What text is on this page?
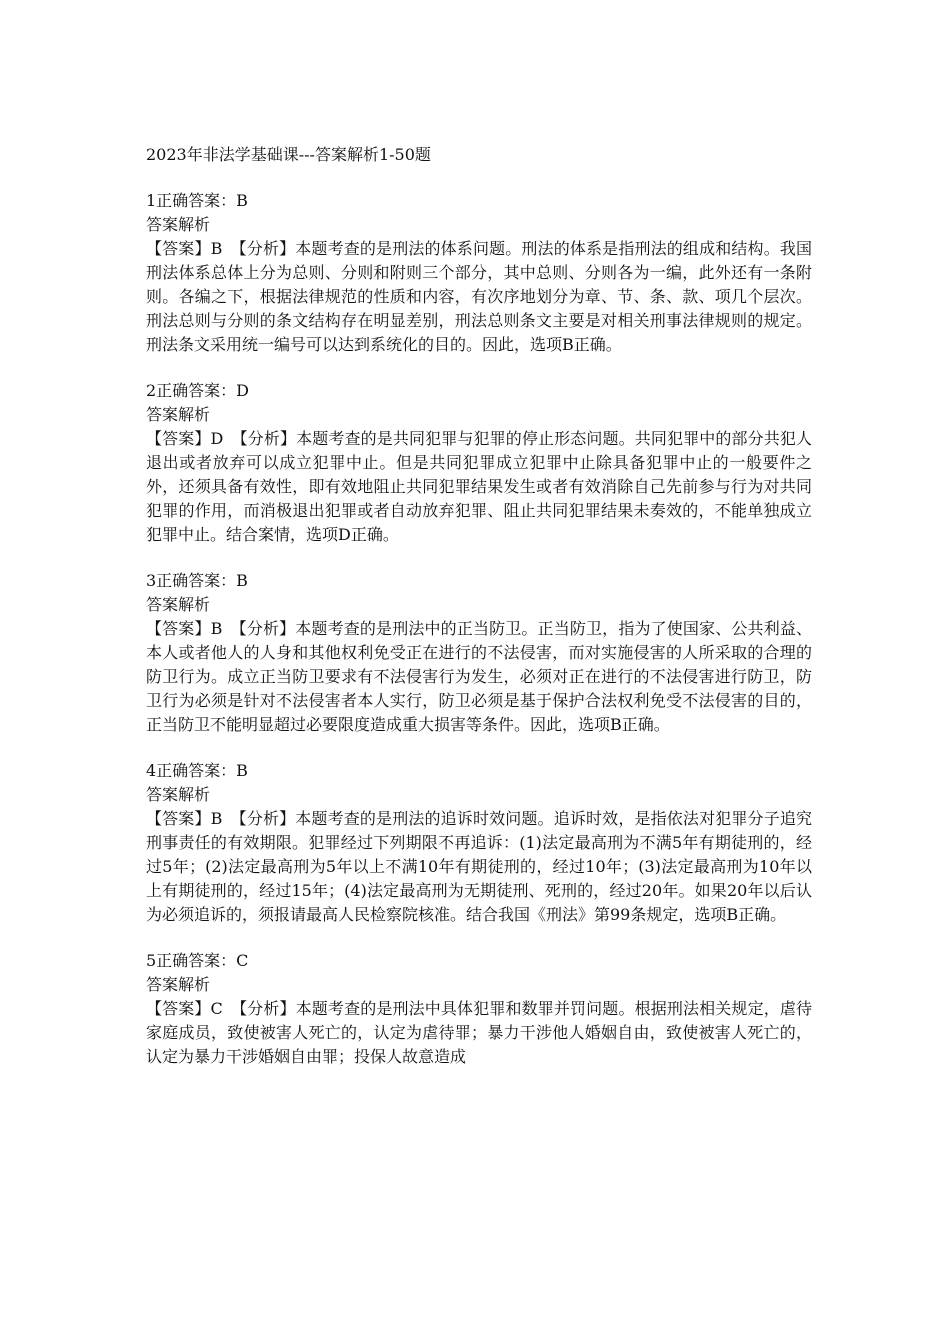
2023年非法学基础课---答案解析1-50题
1正确答案：B
答案解析
【答案】B　【分析】本题考查的是刑法的体系问题。刑法的体系是指刑法的组成和结构。我国刑法体系总体上分为总则、分则和附则三个部分，其中总则、分则各为一编，此外还有一条附则。各编之下，根据法律规范的性质和内容，有次序地划分为章、节、条、款、项几个层次。刑法总则与分则的条文结构存在明显差别，刑法总则条文主要是对相关刑事法律规则的规定。刑法条文采用统一编号可以达到系统化的目的。因此，选项B正确。
2正确答案：D
答案解析
【答案】D　【分析】本题考查的是共同犯罪与犯罪的停止形态问题。共同犯罪中的部分共犯人退出或者放弃可以成立犯罪中止。但是共同犯罪成立犯罪中止除具备犯罪中止的一般要件之外，还须具备有效性，即有效地阻止共同犯罪结果发生或者有效消除自己先前参与行为对共同犯罪的作用，而消极退出犯罪或者自动放弃犯罪、阻止共同犯罪结果未奏效的，不能单独成立犯罪中止。结合案情，选项D正确。
3正确答案：B
答案解析
【答案】B　【分析】本题考查的是刑法中的正当防卫。正当防卫，指为了使国家、公共利益、本人或者他人的人身和其他权利免受正在进行的不法侵害，而对实施侵害的人所采取的合理的防卫行为。成立正当防卫要求有不法侵害行为发生，必须对正在进行的不法侵害进行防卫，防卫行为必须是针对不法侵害者本人实行，防卫必须是基于保护合法权利免受不法侵害的目的，正当防卫不能明显超过必要限度造成重大损害等条件。因此，选项B正确。
4正确答案：B
答案解析
【答案】B　【分析】本题考查的是刑法的追诉时效问题。追诉时效，是指依法对犯罪分子追究刑事责任的有效期限。犯罪经过下列期限不再追诉：(1)法定最高刑为不满5年有期徒刑的，经过5年；(2)法定最高刑为5年以上不满10年有期徒刑的，经过10年；(3)法定最高刑为10年以上有期徒刑的，经过15年；(4)法定最高刑为无期徒刑、死刑的，经过20年。如果20年以后认为必须追诉的，须报请最高人民检察院核准。结合我国《刑法》第99条规定，选项B正确。
5正确答案：C
答案解析
【答案】C　【分析】本题考查的是刑法中具体犯罪和数罪并罚问题。根据刑法相关规定，虐待家庭成员，致使被害人死亡的，认定为虐待罪；暴力干涉他人婚姻自由，致使被害人死亡的，认定为暴力干涉婚姻自由罪；投保人故意造成
